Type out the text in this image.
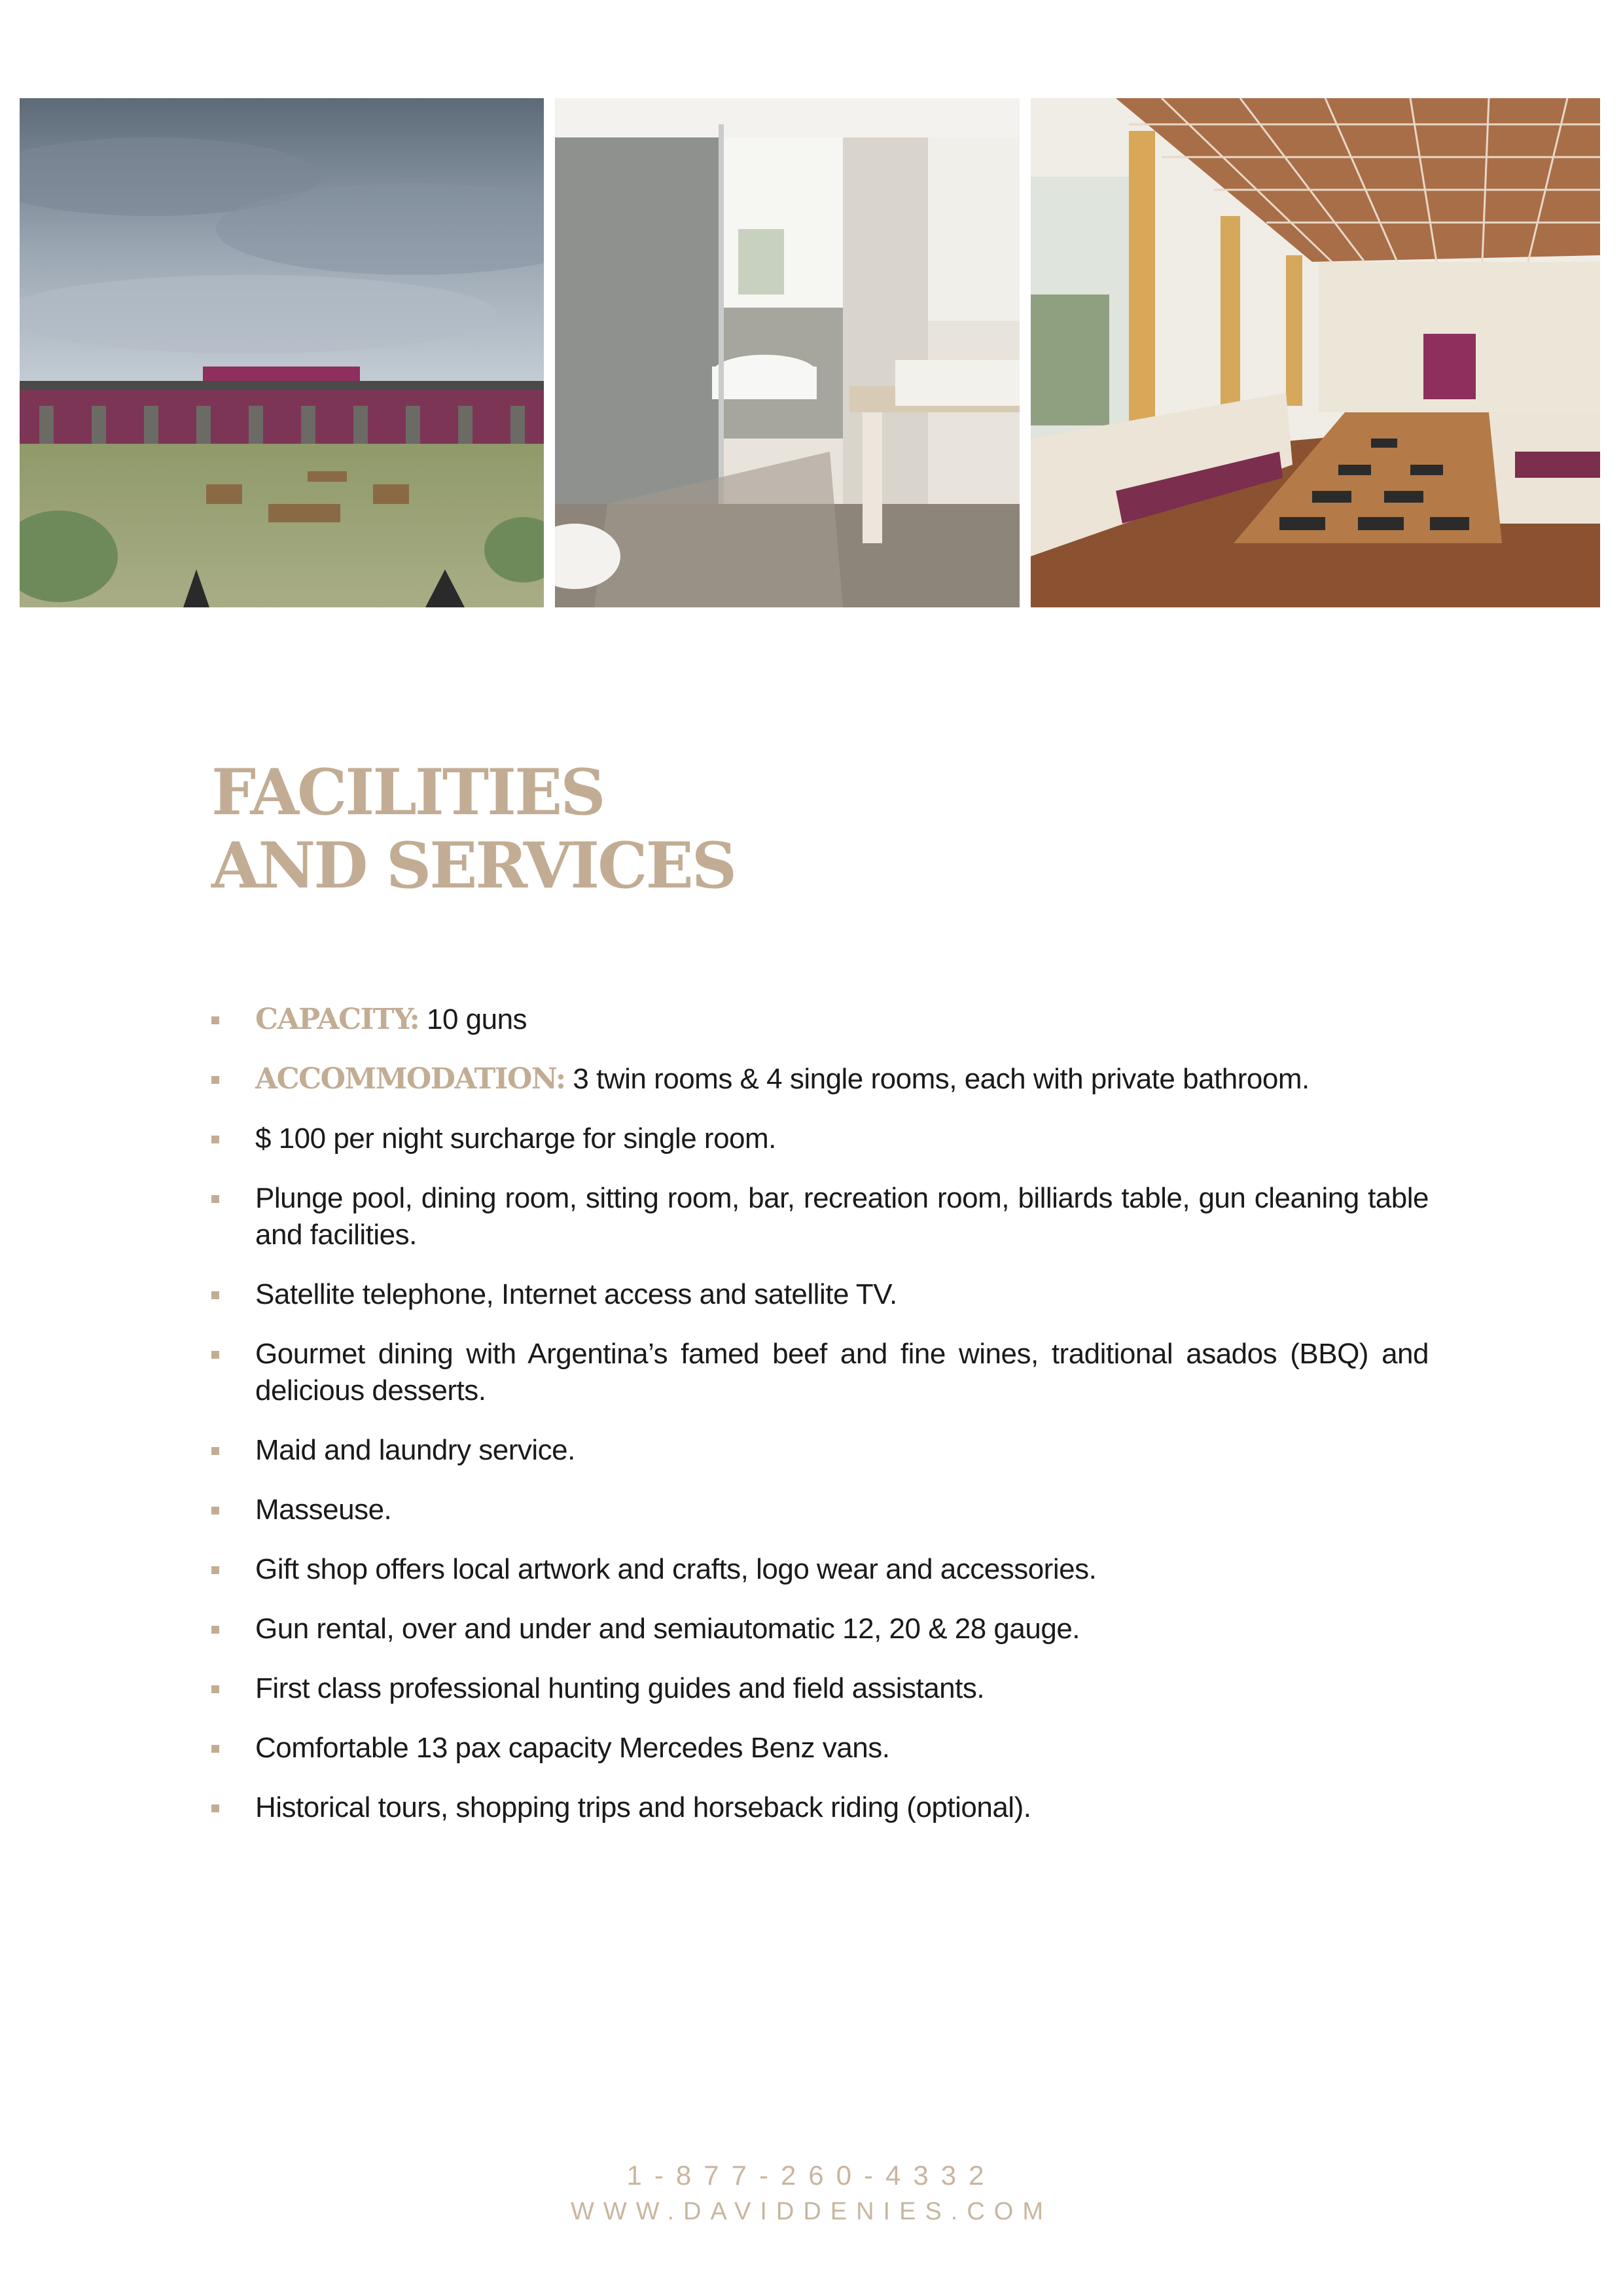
FACILITIES
AND SERVICES
CAPACITY: 10 guns
ACCOMMODATION: 3 twin rooms & 4 single rooms, each with private bathroom.
$ 100 per night surcharge for single room.
Plunge pool, dining room, sitting room, bar, recreation room, billiards table, gun cleaning table and facilities.
Satellite telephone, Internet access and satellite TV.
Gourmet dining with Argentina’s famed beef and fine wines, traditional asados (BBQ) and delicious desserts.
Maid and laundry service.
Masseuse.
Gift shop offers local artwork and crafts, logo wear and accessories.
Gun rental, over and under and semiautomatic 12, 20 & 28 gauge.
First class professional hunting guides and field assistants.
Comfortable 13 pax capacity Mercedes Benz vans.
Historical tours, shopping trips and horseback riding (optional).
1-877-260-4332
WWW.DAVIDDENIES.COM
